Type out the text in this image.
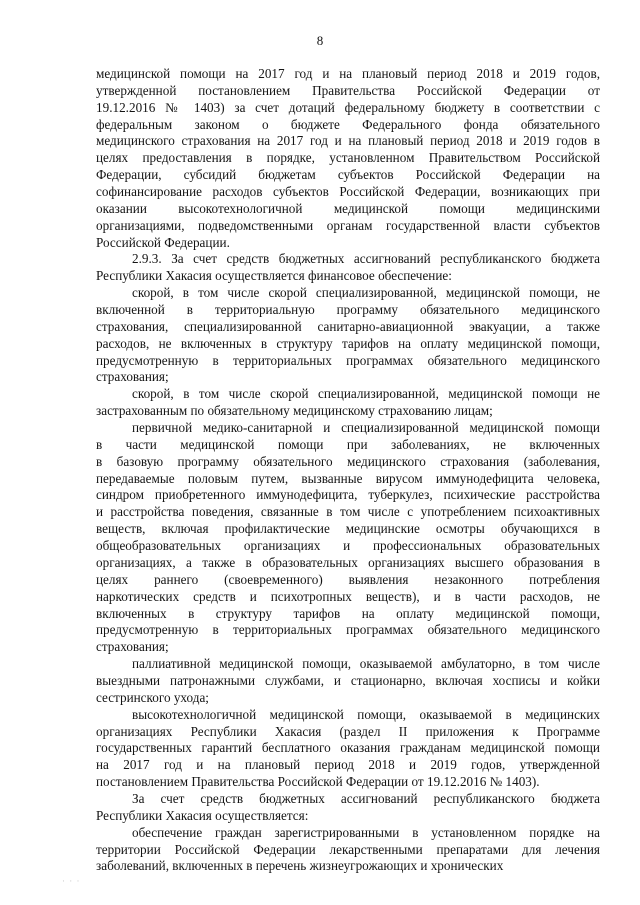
8
медицинской помощи на 2017 год и на плановый период 2018 и 2019 годов,
утвержденной постановлением Правительства Российской Федерации от
19.12.2016 № 1403) за счет дотаций федеральному бюджету в соответствии с
федеральным законом о бюджете Федерального фонда обязательного
медицинского страхования на 2017 год и на плановый период 2018 и 2019 годов в
целях предоставления в порядке, установленном Правительством Российской
Федерации, субсидий бюджетам субъектов Российской Федерации на
софинансирование расходов субъектов Российской Федерации, возникающих при
оказании высокотехнологичной медицинской помощи медицинскими
организациями, подведомственными органам государственной власти субъектов
Российской Федерации.
2.9.3. За счет средств бюджетных ассигнований республиканского бюджета
Республики Хакасия осуществляется финансовое обеспечение:
скорой, в том числе скорой специализированной, медицинской помощи, не
включенной в территориальную программу обязательного медицинского
страхования, специализированной санитарно-авиационной эвакуации, а также
расходов, не включенных в структуру тарифов на оплату медицинской помощи,
предусмотренную в территориальных программах обязательного медицинского
страхования;
скорой, в том числе скорой специализированной, медицинской помощи не
застрахованным по обязательному медицинскому страхованию лицам;
первичной медико-санитарной и специализированной медицинской помощи
в части медицинской помощи при заболеваниях, не включенных
в базовую программу обязательного медицинского страхования (заболевания,
передаваемые половым путем, вызванные вирусом иммунодефицита человека,
синдром приобретенного иммунодефицита, туберкулез, психические расстройства
и расстройства поведения, связанные в том числе с употреблением психоактивных
веществ, включая профилактические медицинские осмотры обучающихся в
общеобразовательных организациях и профессиональных образовательных
организациях, а также в образовательных организациях высшего образования в
целях раннего (своевременного) выявления незаконного потребления
наркотических средств и психотропных веществ), и в части расходов, не
включенных в структуру тарифов на оплату медицинской помощи,
предусмотренную в территориальных программах обязательного медицинского
страхования;
паллиативной медицинской помощи, оказываемой амбулаторно, в том числе
выездными патронажными службами, и стационарно, включая хосписы и койки
сестринского ухода;
высокотехнологичной медицинской помощи, оказываемой в медицинских
организациях Республики Хакасия (раздел II приложения к Программе
государственных гарантий бесплатного оказания гражданам медицинской помощи
на 2017 год и на плановый период 2018 и 2019 годов, утвержденной
постановлением Правительства Российской Федерации от 19.12.2016 № 1403).
За счет средств бюджетных ассигнований республиканского бюджета
Республики Хакасия осуществляется:
обеспечение граждан зарегистрированными в установленном порядке на
территории Российской Федерации лекарственными препаратами для лечения
заболеваний, включенных в перечень жизнеугрожающих и хронических
· · ·
